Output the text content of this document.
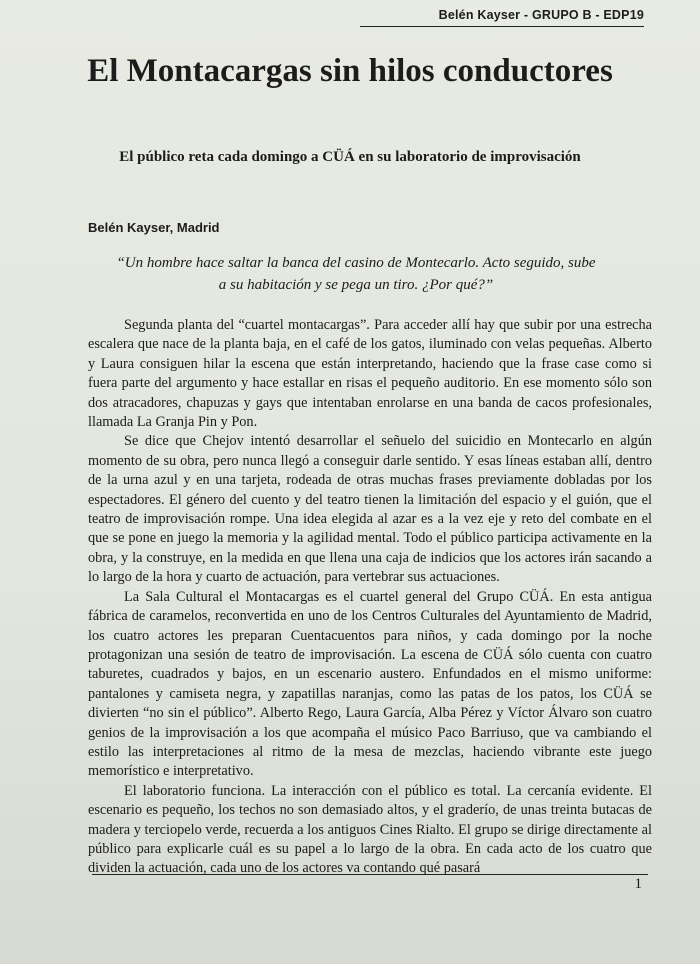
Belén Kayser - GRUPO B - EDP19
El Montacargas sin hilos conductores
El público reta cada domingo a CÜÁ en su laboratorio de improvisación
Belén Kayser, Madrid

“Un hombre hace saltar la banca del casino de Montecarlo. Acto seguido, sube a su habitación y se pega un tiro. ¿Por qué?”

Segunda planta del “cuartel montacargas”. Para acceder allí hay que subir por una estrecha escalera que nace de la planta baja, en el café de los gatos, iluminado con velas pequeñas. Alberto y Laura consiguen hilar la escena que están interpretando, haciendo que la frase case como si fuera parte del argumento y hace estallar en risas el pequeño auditorio. En ese momento sólo son dos atracadores, chapuzas y gays que intentaban enrolarse en una banda de cacos profesionales, llamada La Granja Pin y Pon.

Se dice que Chejov intentó desarrollar el señuelo del suicidio en Montecarlo en algún momento de su obra, pero nunca llegó a conseguir darle sentido. Y esas líneas estaban allí, dentro de la urna azul y en una tarjeta, rodeada de otras muchas frases previamente dobladas por los espectadores. El género del cuento y del teatro tienen la limitación del espacio y el guión, que el teatro de improvisación rompe. Una idea elegida al azar es a la vez eje y reto del combate en el que se pone en juego la memoria y la agilidad mental. Todo el público participa activamente en la obra, y la construye, en la medida en que llena una caja de indicios que los actores irán sacando a lo largo de la hora y cuarto de actuación, para vertebrar sus actuaciones.

La Sala Cultural el Montacargas es el cuartel general del Grupo CÜÁ. En esta antigua fábrica de caramelos, reconvertida en uno de los Centros Culturales del Ayuntamiento de Madrid, los cuatro actores les preparan Cuentacuentos para niños, y cada domingo por la noche protagonizan una sesión de teatro de improvisación. La escena de CÜÁ sólo cuenta con cuatro taburetes, cuadrados y bajos, en un escenario austero. Enfundados en el mismo uniforme: pantalones y camiseta negra, y zapatillas naranjas, como las patas de los patos, los CÜÁ se divierten “no sin el público”. Alberto Rego, Laura García, Alba Pérez y Víctor Álvaro son cuatro genios de la improvisación a los que acompaña el músico Paco Barriuso, que va cambiando el estilo las interpretaciones al ritmo de la mesa de mezclas, haciendo vibrante este juego memorístico e interpretativo.

El laboratorio funciona. La interacción con el público es total. La cercanía evidente. El escenario es pequeño, los techos no son demasiado altos, y el graderío, de unas treinta butacas de madera y terciopelo verde, recuerda a los antiguos Cines Rialto. El grupo se dirige directamente al público para explicarle cuál es su papel a lo largo de la obra. En cada acto de los cuatro que dividen la actuación, cada uno de los actores va contando qué pasará

1
